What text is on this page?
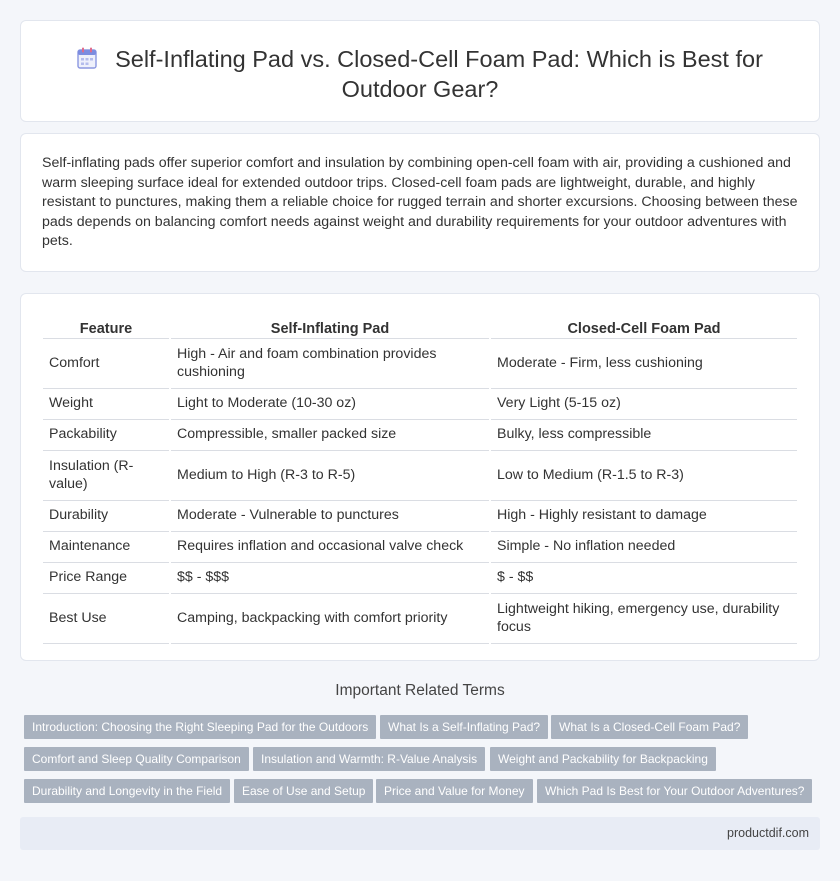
Self-Inflating Pad vs. Closed-Cell Foam Pad: Which is Best for Outdoor Gear?

Self-inflating pads offer superior comfort and insulation by combining open-cell foam with air, providing a cushioned and warm sleeping surface ideal for extended outdoor trips. Closed-cell foam pads are lightweight, durable, and highly resistant to punctures, making them a reliable choice for rugged terrain and shorter excursions. Choosing between these pads depends on balancing comfort needs against weight and durability requirements for your outdoor adventures with pets.

Feature	Self-Inflating Pad	Closed-Cell Foam Pad
Comfort	High - Air and foam combination provides cushioning	Moderate - Firm, less cushioning
Weight	Light to Moderate (10-30 oz)	Very Light (5-15 oz)
Packability	Compressible, smaller packed size	Bulky, less compressible
Insulation (R-value)	Medium to High (R-3 to R-5)	Low to Medium (R-1.5 to R-3)
Durability	Moderate - Vulnerable to punctures	High - Highly resistant to damage
Maintenance	Requires inflation and occasional valve check	Simple - No inflation needed
Price Range	$$ - $$$	$ - $$
Best Use	Camping, backpacking with comfort priority	Lightweight hiking, emergency use, durability focus
Important Related Terms
Introduction: Choosing the Right Sleeping Pad for the Outdoors	What Is a Self-Inflating Pad?	What Is a Closed-Cell Foam Pad?
Comfort and Sleep Quality Comparison	Insulation and Warmth: R-Value Analysis	Weight and Packability for Backpacking
Durability and Longevity in the Field	Ease of Use and Setup	Price and Value for Money	Which Pad Is Best for Your Outdoor Adventures?
productdif.com
